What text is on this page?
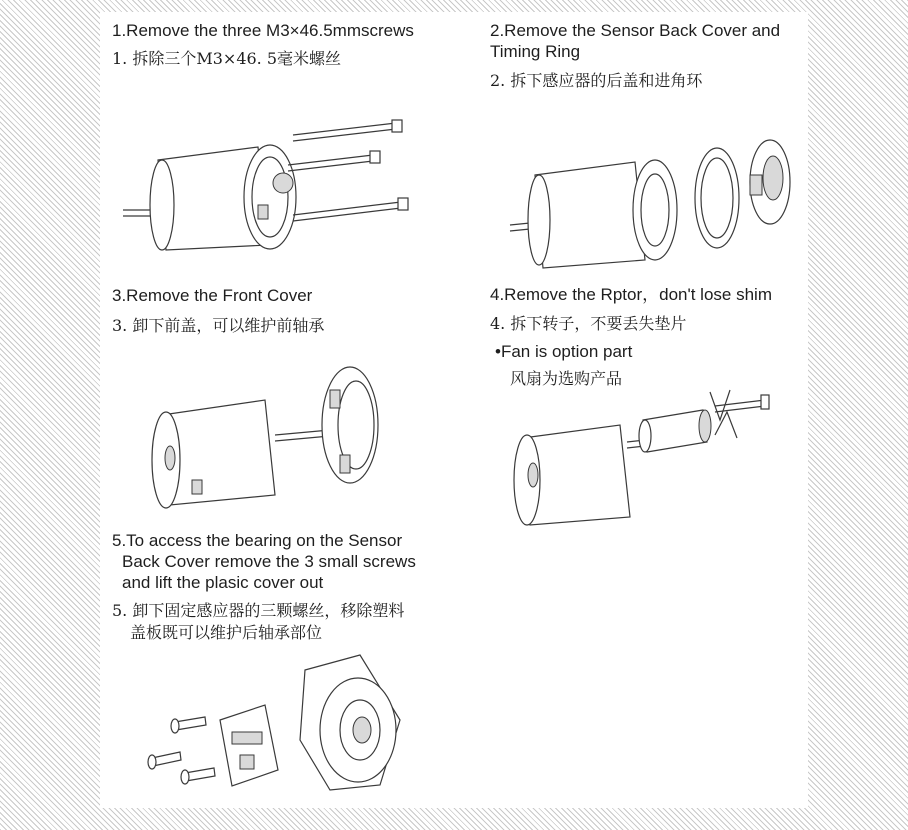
1.Remove the three M3×46.5mmscrews
1. 拆除三个M3×46. 5毫米螺丝
2.Remove the Sensor Back Cover and
Timing Ring
2. 拆下感应器的后盖和进角环
3.Remove the Front Cover
3. 卸下前盖，可以维护前轴承
4.Remove the Rptor，don't lose shim
4. 拆下转子，不要丢失垫片
•Fan is option part
风扇为选购产品
5.To access the bearing on the Sensor
Back Cover remove the 3 small screws
and lift the plasic cover out
5. 卸下固定感应器的三颗螺丝，移除塑料
盖板既可以维护后轴承部位
